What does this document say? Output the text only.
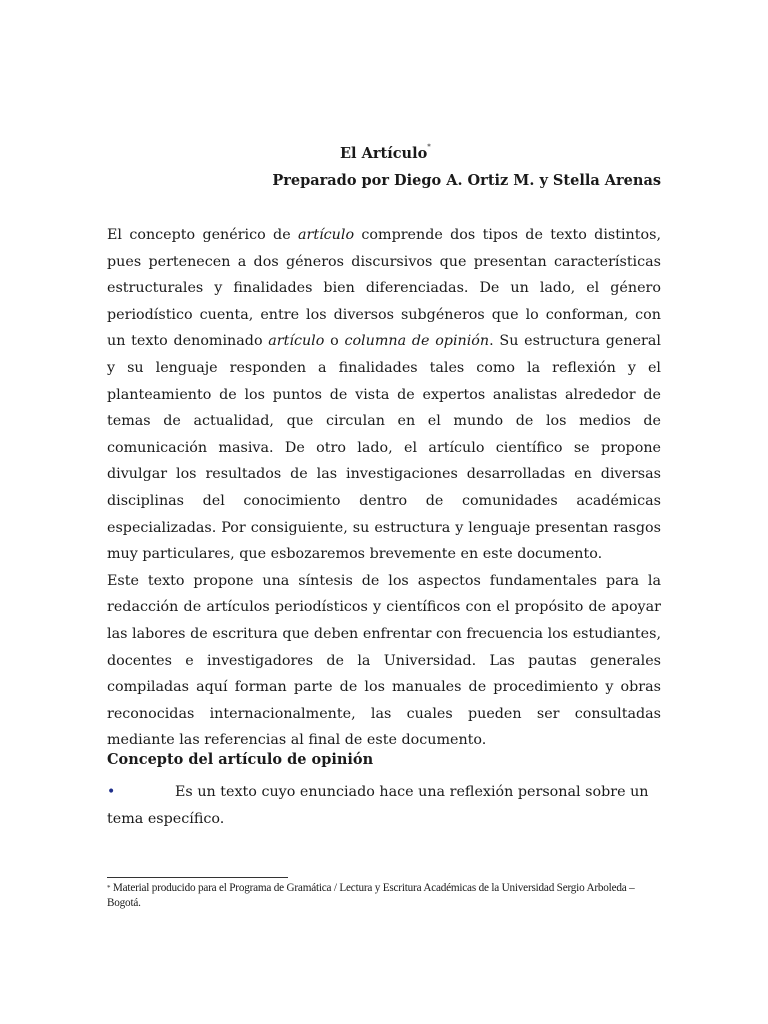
El Artículo*
Preparado por Diego A. Ortiz M. y Stella Arenas

El concepto genérico de artículo comprende dos tipos de texto distintos, pues pertenecen a dos géneros discursivos que presentan características estructurales y finalidades bien diferenciadas. De un lado, el género periodístico cuenta, entre los diversos subgéneros que lo conforman, con un texto denominado artículo o columna de opinión. Su estructura general y su lenguaje responden a finalidades tales como la reflexión y el planteamiento de los puntos de vista de expertos analistas alrededor de temas de actualidad, que circulan en el mundo de los medios de comunicación masiva. De otro lado, el artículo científico se propone divulgar los resultados de las investigaciones desarrolladas en diversas disciplinas del conocimiento dentro de comunidades académicas especializadas. Por consiguiente, su estructura y lenguaje presentan rasgos muy particulares, que esbozaremos brevemente en este documento.

Este texto propone una síntesis de los aspectos fundamentales para la redacción de artículos periodísticos y científicos con el propósito de apoyar las labores de escritura que deben enfrentar con frecuencia los estudiantes, docentes e investigadores de la Universidad. Las pautas generales compiladas aquí forman parte de los manuales de procedimiento y obras reconocidas internacionalmente, las cuales pueden ser consultadas mediante las referencias al final de este documento.

Concepto del artículo de opinión
•	Es un texto cuyo enunciado hace una reflexión personal sobre un tema específico.

* Material producido para el Programa de Gramática / Lectura y Escritura Académicas de la Universidad Sergio Arboleda – Bogotá.
